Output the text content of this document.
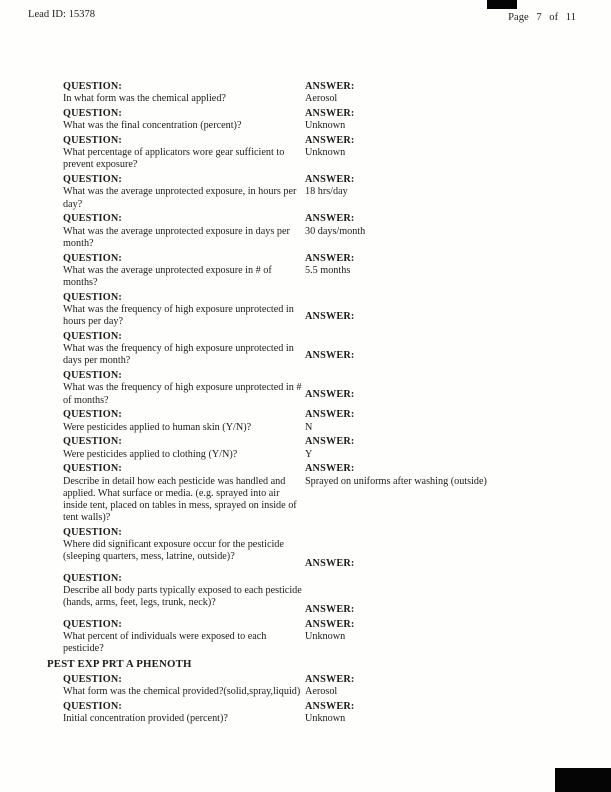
Lead ID: 15378	Page 7 of 11
QUESTION:
In what form was the chemical applied?
ANSWER:
Aerosol
QUESTION:
What was the final concentration (percent)?
ANSWER:
Unknown
QUESTION:
What percentage of applicators wore gear sufficient to prevent exposure?
ANSWER:
Unknown
QUESTION:
What was the average unprotected exposure, in hours per day?
ANSWER:
18 hrs/day
QUESTION:
What was the average unprotected exposure in days per month?
ANSWER:
30 days/month
QUESTION:
What was the average unprotected exposure in # of months?
ANSWER:
5.5 months
QUESTION:
What was the frequency of high exposure unprotected in hours per day?	ANSWER:
QUESTION:
What was the frequency of high exposure unprotected in days per month?	ANSWER:
QUESTION:
What was the frequency of high exposure unprotected in # of months?	ANSWER:
QUESTION:
Were pesticides applied to human skin (Y/N)?
ANSWER:
N
QUESTION:
Were pesticides applied to clothing (Y/N)?
ANSWER:
Y
QUESTION:
Describe in detail how each pesticide was handled and applied. What surface or media. (e.g. sprayed into air inside tent, placed on tables in mess, sprayed on inside of tent walls)?
ANSWER:
Sprayed on uniforms after washing (outside)
QUESTION:
Where did significant exposure occur for the pesticide (sleeping quarters, mess, latrine, outside)?
ANSWER:
QUESTION:
Describe all body parts typically exposed to each pesticide (hands, arms, feet, legs, trunk, neck)?
ANSWER:
QUESTION:
What percent of individuals were exposed to each pesticide?
ANSWER:
Unknown
PEST EXP PRT A PHENOTH
QUESTION:
What form was the chemical provided?(solid,spray,liquid)
ANSWER:
Aerosol
QUESTION:
Initial concentration provided (percent)?
ANSWER:
Unknown
